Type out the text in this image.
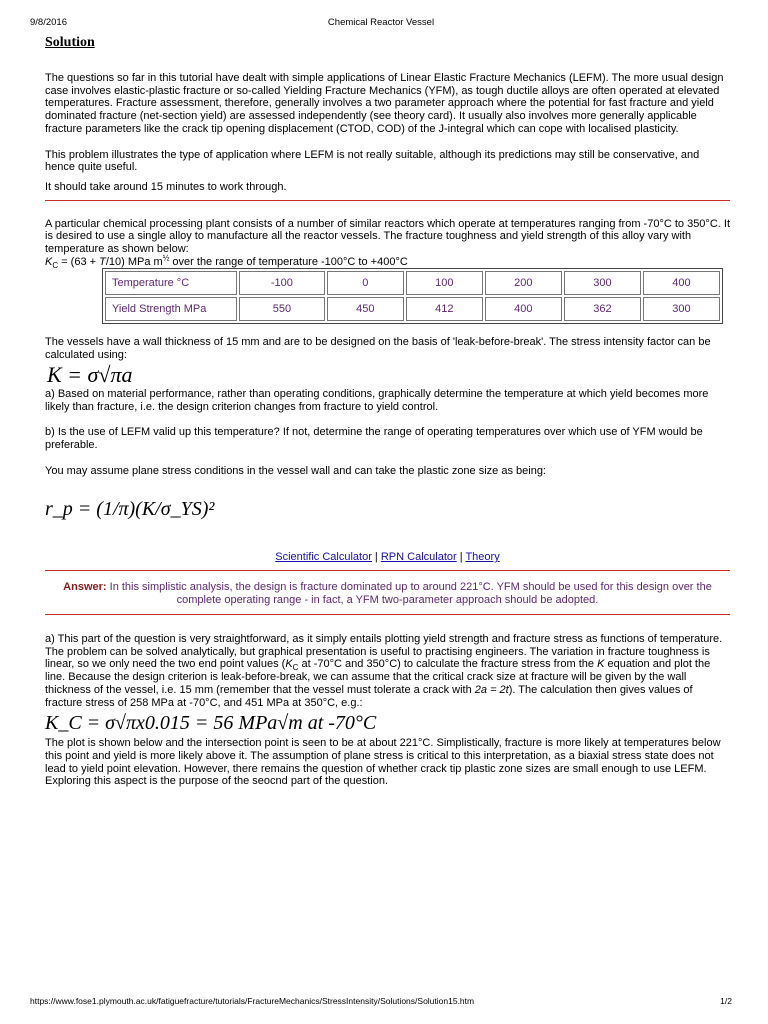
9/8/2016	Chemical Reactor Vessel
Solution

The questions so far in this tutorial have dealt with simple applications of Linear Elastic Fracture Mechanics (LEFM). The more usual design case involves elastic-plastic fracture or so-called Yielding Fracture Mechanics (YFM), as tough ductile alloys are often operated at elevated temperatures. Fracture assessment, therefore, generally involves a two parameter approach where the potential for fast fracture and yield dominated fracture (net-section yield) are assessed independently (see theory card). It usually also involves more generally applicable fracture parameters like the crack tip opening displacement (CTOD, COD) of the J-integral which can cope with localised plasticity.

This problem illustrates the type of application where LEFM is not really suitable, although its predictions may still be conservative, and hence quite useful.

It should take around 15 minutes to work through.

A particular chemical processing plant consists of a number of similar reactors which operate at temperatures ranging from -70°C to 350°C. It is desired to use a single alloy to manufacture all the reactor vessels. The fracture toughness and yield strength of this alloy vary with temperature as shown below:

$K_C = (63 + T/10)$ MPa $m^{\frac{1}{2}}$ over the range of temperature -100°C to +400°C

Temperature °C	-100	0	100	200	300	400
Yield Strength MPa	550	450	412	400	362	300

The vessels have a wall thickness of 15 mm and are to be designed on the basis of 'leak-before-break'. The stress intensity factor can be calculated using:

K = σ√πa

a) Based on material performance, rather than operating conditions, graphically determine the temperature at which yield becomes more likely than fracture, i.e. the design criterion changes from fracture to yield control.

b) Is the use of LEFM valid up this temperature? If not, determine the range of operating temperatures over which use of YFM would be preferable.

You may assume plane stress conditions in the vessel wall and can take the plastic zone size as being:

r_p = (1/π)(K/σ_YS)²

Scientific Calculator | RPN Calculator | Theory

Answer: In this simplistic analysis, the design is fracture dominated up to around 221°C. YFM should be used for this design over the complete operating range - in fact, a YFM two-parameter approach should be adopted.

a) This part of the question is very straightforward, as it simply entails plotting yield strength and fracture stress as functions of temperature. The problem can be solved analytically, but graphical presentation is useful to practising engineers. The variation in fracture toughness is linear, so we only need the two end point values ($K_C$ at -70°C and 350°C) to calculate the fracture stress from the K equation and plot the line. Because the design criterion is leak-before-break, we can assume that the critical crack size at fracture will be given by the wall thickness of the vessel, i.e. 15 mm (remember that the vessel must tolerate a crack with 2a = 2t). The calculation then gives values of fracture stress of 258 MPa at -70°C, and 451 MPa at 350°C, e.g.:

K_C = σ√πx0.015 = 56 MPa√m at -70°C

The plot is shown below and the intersection point is seen to be at about 221°C. Simplistically, fracture is more likely at temperatures below this point and yield is more likely above it. The assumption of plane stress is critical to this interpretation, as a biaxial stress state does not lead to yield point elevation. However, there remains the question of whether crack tip plastic zone sizes are small enough to use LEFM. Exploring this aspect is the purpose of the seocnd part of the question.

https://www.fose1.plymouth.ac.uk/fatiguefracture/tutorials/FractureMechanics/StressIntensity/Solutions/Solution15.htm	1/2
